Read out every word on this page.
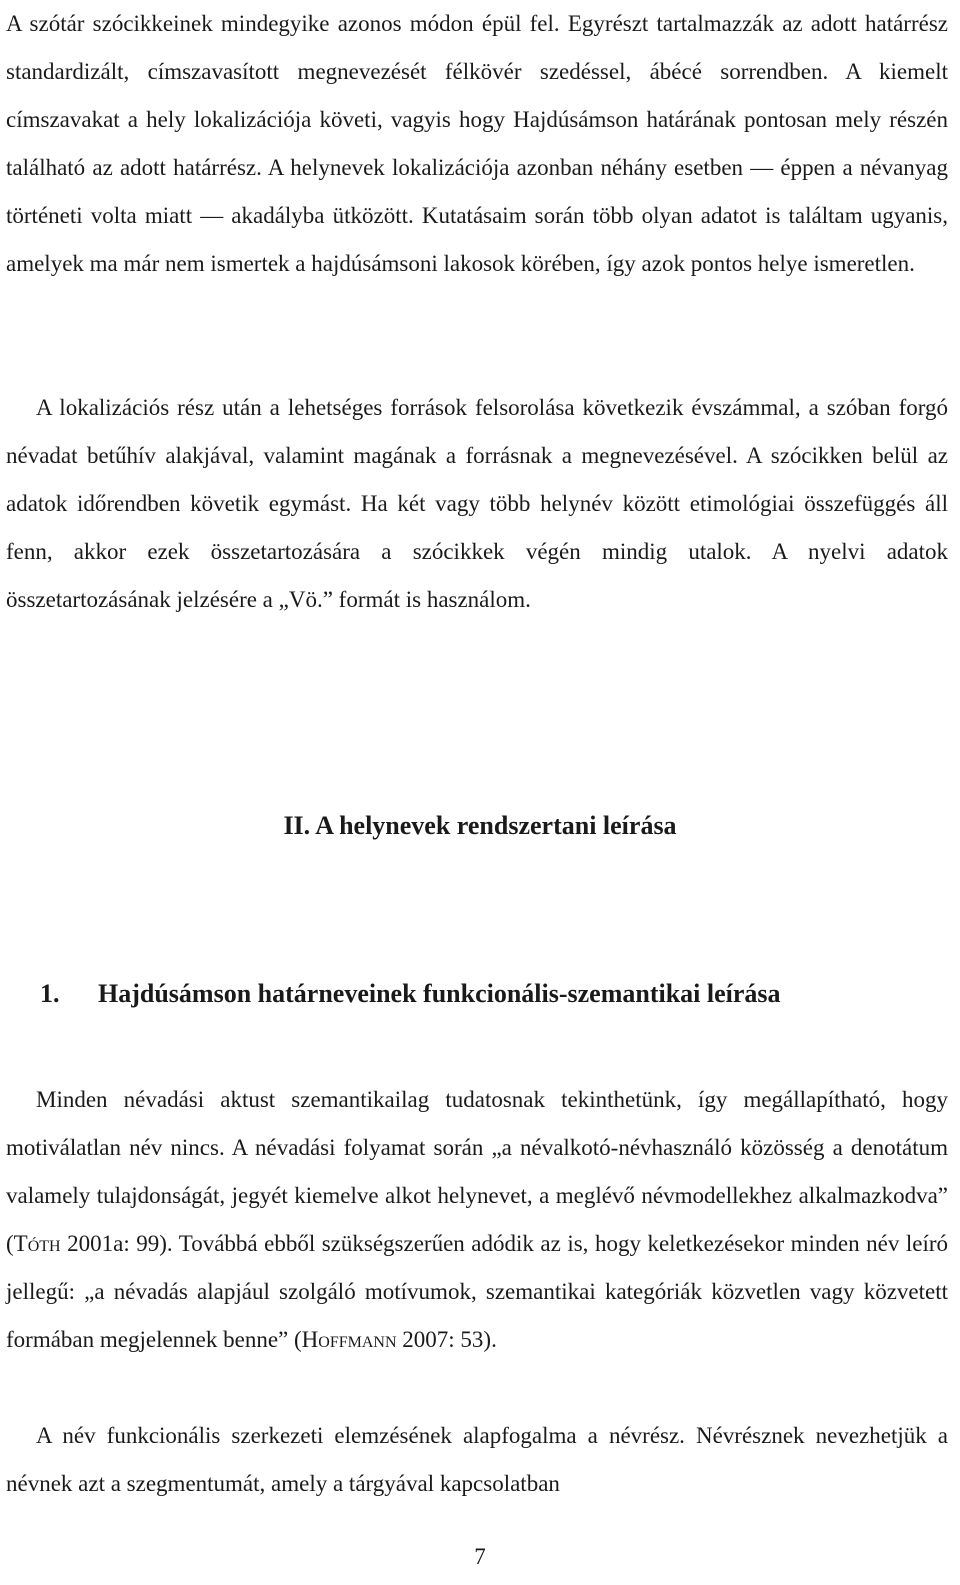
A szótár szócikkeinek mindegyike azonos módon épül fel. Egyrészt tartalmazzák az adott határrész standardizált, címszavasított megnevezését félkövér szedéssel, ábécé sorrendben. A kiemelt címszavakat a hely lokalizációja követi, vagyis hogy Hajdúsámson határának pontosan mely részén található az adott határrész. A helynevek lokalizációja azonban néhány esetben — éppen a névanyag történeti volta miatt — akadályba ütközött. Kutatásaim során több olyan adatot is találtam ugyanis, amelyek ma már nem ismertek a hajdúsámsoni lakosok körében, így azok pontos helye ismeretlen.

A lokalizációs rész után a lehetséges források felsorolása következik évszámmal, a szóban forgó névadat betűhív alakjával, valamint magának a forrásnak a megnevezésével. A szócikken belül az adatok időrendben követik egymást. Ha két vagy több helynév között etimológiai összefüggés áll fenn, akkor ezek összetartozására a szócikkek végén mindig utalok. A nyelvi adatok összetartozásának jelzésére a „Vö.” formát is használom.

II. A helynevek rendszertani leírása
1. Hajdúsámson határneveinek funkcionális-szemantikai leírása

Minden névadási aktust szemantikailag tudatosnak tekinthetünk, így megállapítható, hogy motiválatlan név nincs. A névadási folyamat során „a névalkotó-névhasználó közösség a denotátum valamely tulajdonságát, jegyét kiemelve alkot helynevet, a meglévő névmodellekhez alkalmazkodva” (Tóth 2001a: 99). Továbbá ebből szükségszerűen adódik az is, hogy keletkezésekor minden név leíró jellegű: „a névadás alapjául szolgáló motívumok, szemantikai kategóriák közvetlen vagy közvetett formában megjelennek benne” (Hoffmann 2007: 53).

A név funkcionális szerkezeti elemzésének alapfogalma a névrész. Névrésznek nevezhetjük a névnek azt a szegmentumát, amely a tárgyával kapcsolatban

7
